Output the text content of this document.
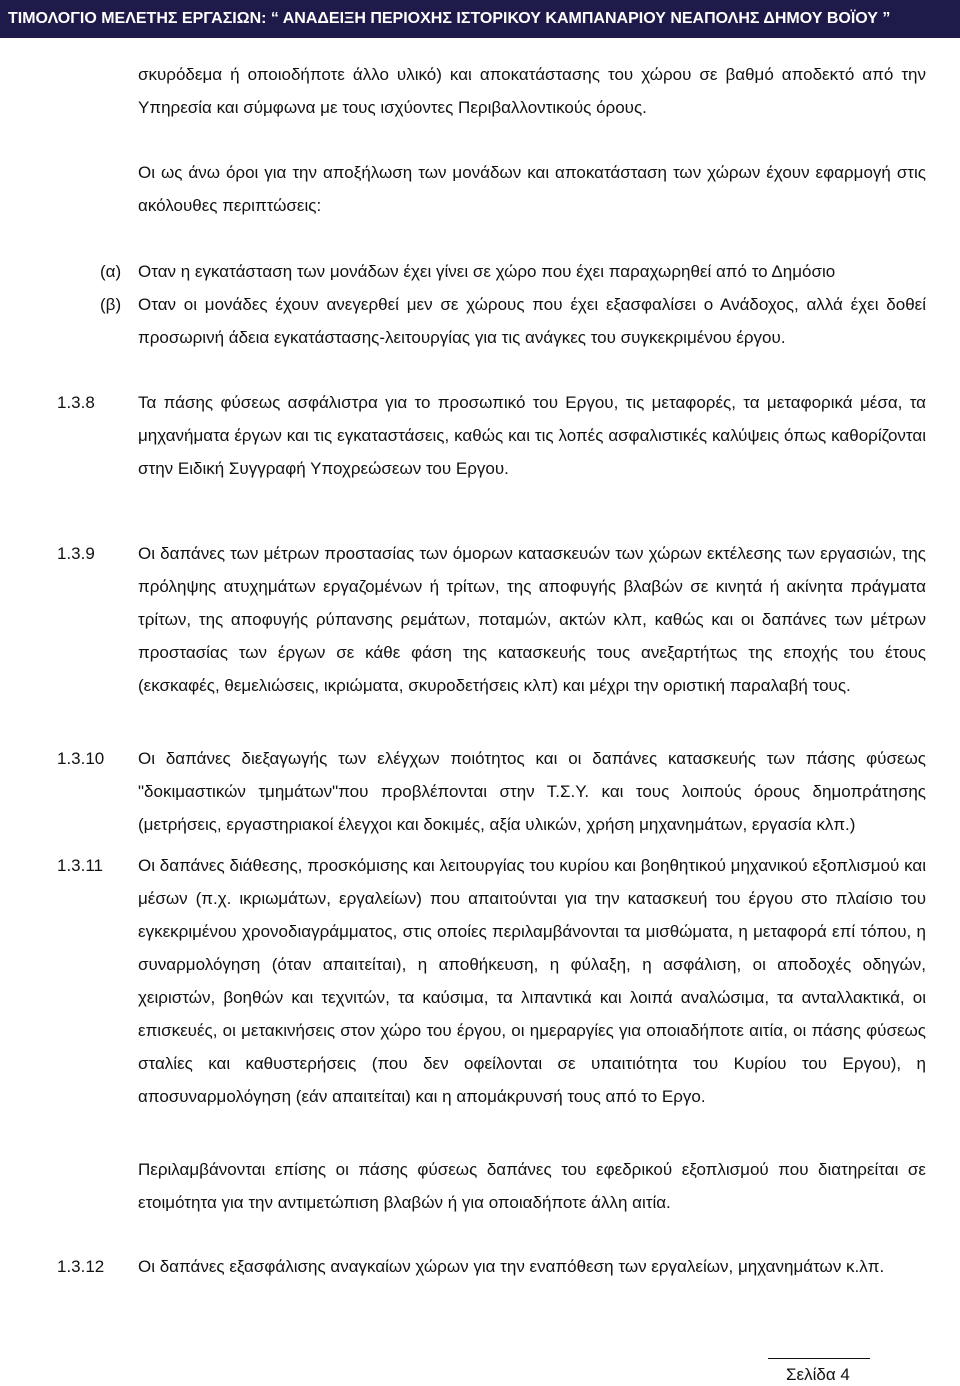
ΤΙΜΟΛΟΓΙΟ ΜΕΛΕΤΗΣ ΕΡΓΑΣΙΩΝ: “ ΑΝΑΔΕΙΞΗ ΠΕΡΙΟΧΗΣ ΙΣΤΟΡΙΚΟΥ ΚΑΜΠΑΝΑΡΙΟΥ ΝΕΑΠΟΛΗΣ ΔΗΜΟΥ ΒΟΪΟΥ ”
σκυρόδεμα ή οποιοδήποτε άλλο υλικό) και αποκατάστασης του χώρου σε βαθμό αποδεκτό από την Υπηρεσία και σύμφωνα με τους ισχύοντες Περιβαλλοντικούς όρους.
Οι ως άνω όροι για την αποξήλωση των μονάδων και αποκατάσταση των χώρων έχουν εφαρμογή στις ακόλουθες περιπτώσεις:
(α) Οταν η εγκατάσταση των μονάδων έχει γίνει σε χώρο που έχει παραχωρηθεί από το Δημόσιο
(β) Οταν οι μονάδες έχουν ανεγερθεί μεν σε χώρους που έχει εξασφαλίσει ο Ανάδοχος, αλλά έχει δοθεί προσωρινή άδεια εγκατάστασης-λειτουργίας για τις ανάγκες του συγκεκριμένου έργου.
1.3.8	Τα πάσης φύσεως ασφάλιστρα για το προσωπικό του Εργου, τις μεταφορές, τα μεταφορικά μέσα, τα μηχανήματα έργων και τις εγκαταστάσεις, καθώς και τις λοπές ασφαλιστικές καλύψεις όπως καθορίζονται στην Ειδική Συγγραφή Υποχρεώσεων του Εργου.
1.3.9	Οι δαπάνες των μέτρων προστασίας των όμορων κατασκευών των χώρων εκτέλεσης των εργασιών, της πρόληψης ατυχημάτων εργαζομένων ή τρίτων, της αποφυγής βλαβών σε κινητά ή ακίνητα πράγματα τρίτων, της αποφυγής ρύπανσης ρεμάτων, ποταμών, ακτών κλπ, καθώς και οι δαπάνες των μέτρων προστασίας των έργων σε κάθε φάση της κατασκευής τους ανεξαρτήτως της εποχής του έτους (εκσκαφές, θεμελιώσεις, ικριώματα, σκυροδετήσεις κλπ) και μέχρι την οριστική παραλαβή τους.
1.3.10 Οι δαπάνες διεξαγωγής των ελέγχων ποιότητος και οι δαπάνες κατασκευής των πάσης φύσεως "δοκιμαστικών τμημάτων"που προβλέπονται στην Τ.Σ.Υ. και τους λοιπούς όρους δημοπράτησης (μετρήσεις, εργαστηριακοί έλεγχοι και δοκιμές, αξία υλικών, χρήση μηχανημάτων, εργασία κλπ.)
1.3.11 Οι δαπάνες διάθεσης, προσκόμισης και λειτουργίας του κυρίου και βοηθητικού μηχανικού εξοπλισμού και μέσων (π.χ. ικριωμάτων, εργαλείων) που απαιτούνται για την κατασκευή του έργου στο πλαίσιο του εγκεκριμένου χρονοδιαγράμματος, στις οποίες περιλαμβάνονται τα μισθώματα, η μεταφορά επί τόπου, η συναρμολόγηση (όταν απαιτείται), η αποθήκευση, η φύλαξη, η ασφάλιση, οι αποδοχές οδηγών, χειριστών, βοηθών και τεχνιτών, τα καύσιμα, τα λιπαντικά και λοιπά αναλώσιμα, τα ανταλλακτικά, οι επισκευές, οι μετακινήσεις στον χώρο του έργου, οι ημεραργίες για οποιαδήποτε αιτία, οι πάσης φύσεως σταλίες και καθυστερήσεις (που δεν οφείλονται σε υπαιτιότητα του Κυρίου του Εργου), η αποσυναρμολόγηση (εάν απαιτείται) και η απομάκρυνσή τους από το Εργο.
Περιλαμβάνονται επίσης οι πάσης φύσεως δαπάνες του εφεδρικού εξοπλισμού που διατηρείται σε ετοιμότητα για την αντιμετώπιση βλαβών ή για οποιαδήποτε άλλη αιτία.
1.3.12 Οι δαπάνες εξασφάλισης αναγκαίων χώρων για την εναπόθεση των εργαλείων, μηχανημάτων κ.λπ.
Σελίδα 4
